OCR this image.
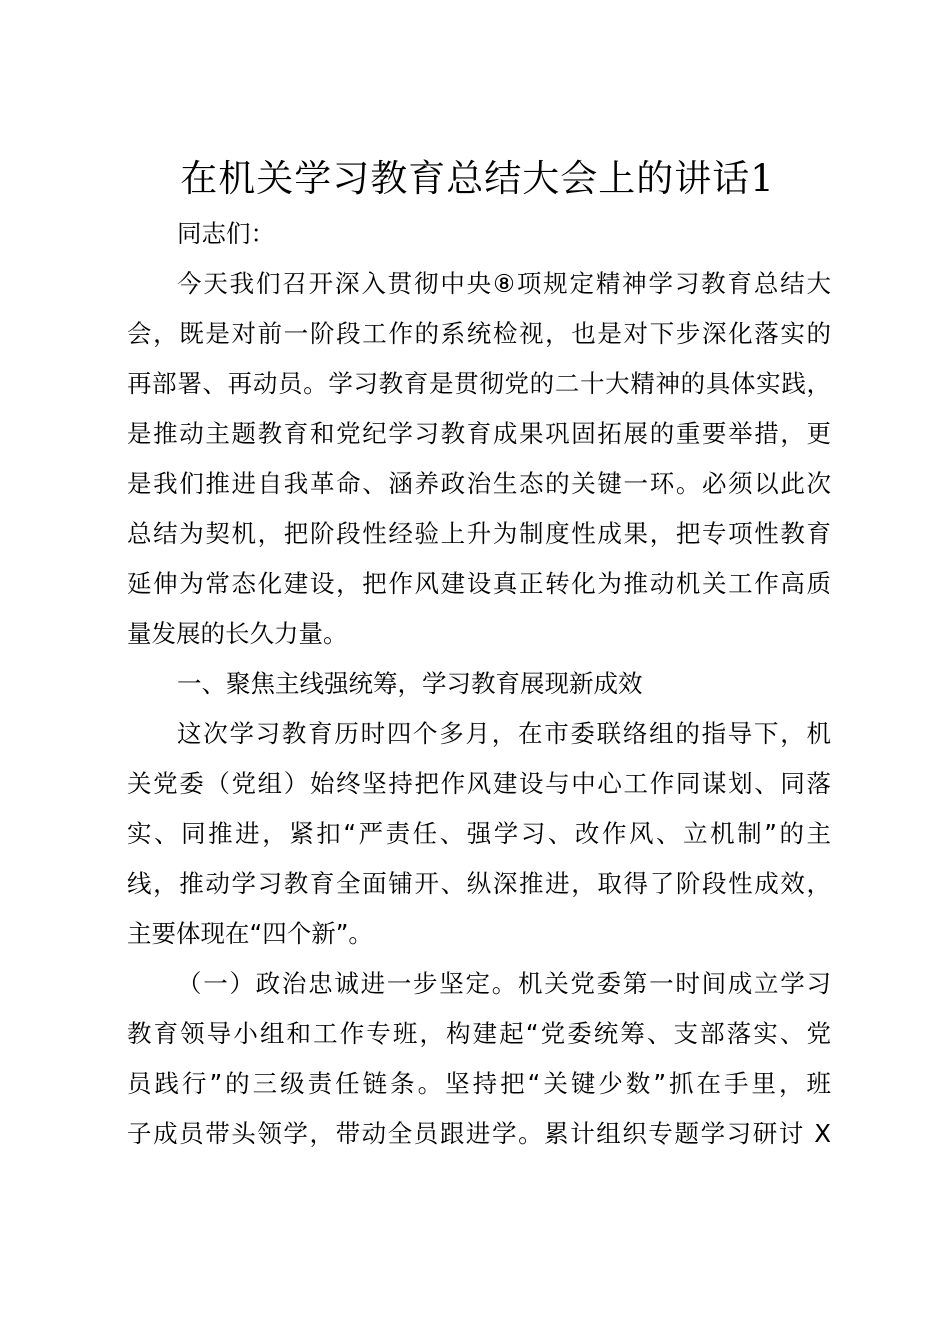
在机关学习教育总结大会上的讲话1
同志们：
今天我们召开深入贯彻中央⑧项规定精神学习教育总结大
会，既是对前一阶段工作的系统检视，也是对下步深化落实的
再部署、再动员。学习教育是贯彻党的二十大精神的具体实践，
是推动主题教育和党纪学习教育成果巩固拓展的重要举措，更
是我们推进自我革命、涵养政治生态的关键一环。必须以此次
总结为契机，把阶段性经验上升为制度性成果，把专项性教育
延伸为常态化建设，把作风建设真正转化为推动机关工作高质
量发展的长久力量。
一、聚焦主线强统筹，学习教育展现新成效
这次学习教育历时四个多月，在市委联络组的指导下，机
关党委（党组）始终坚持把作风建设与中心工作同谋划、同落
实、同推进，紧扣“严责任、强学习、改作风、立机制”的主
线，推动学习教育全面铺开、纵深推进，取得了阶段性成效，
主要体现在“四个新”。
（一）政治忠诚进一步坚定。机关党委第一时间成立学习
教育领导小组和工作专班，构建起“党委统筹、支部落实、党
员践行”的三级责任链条。坚持把“关键少数”抓在手里，班
子成员带头领学，带动全员跟进学。累计组织专题学习研讨 X
